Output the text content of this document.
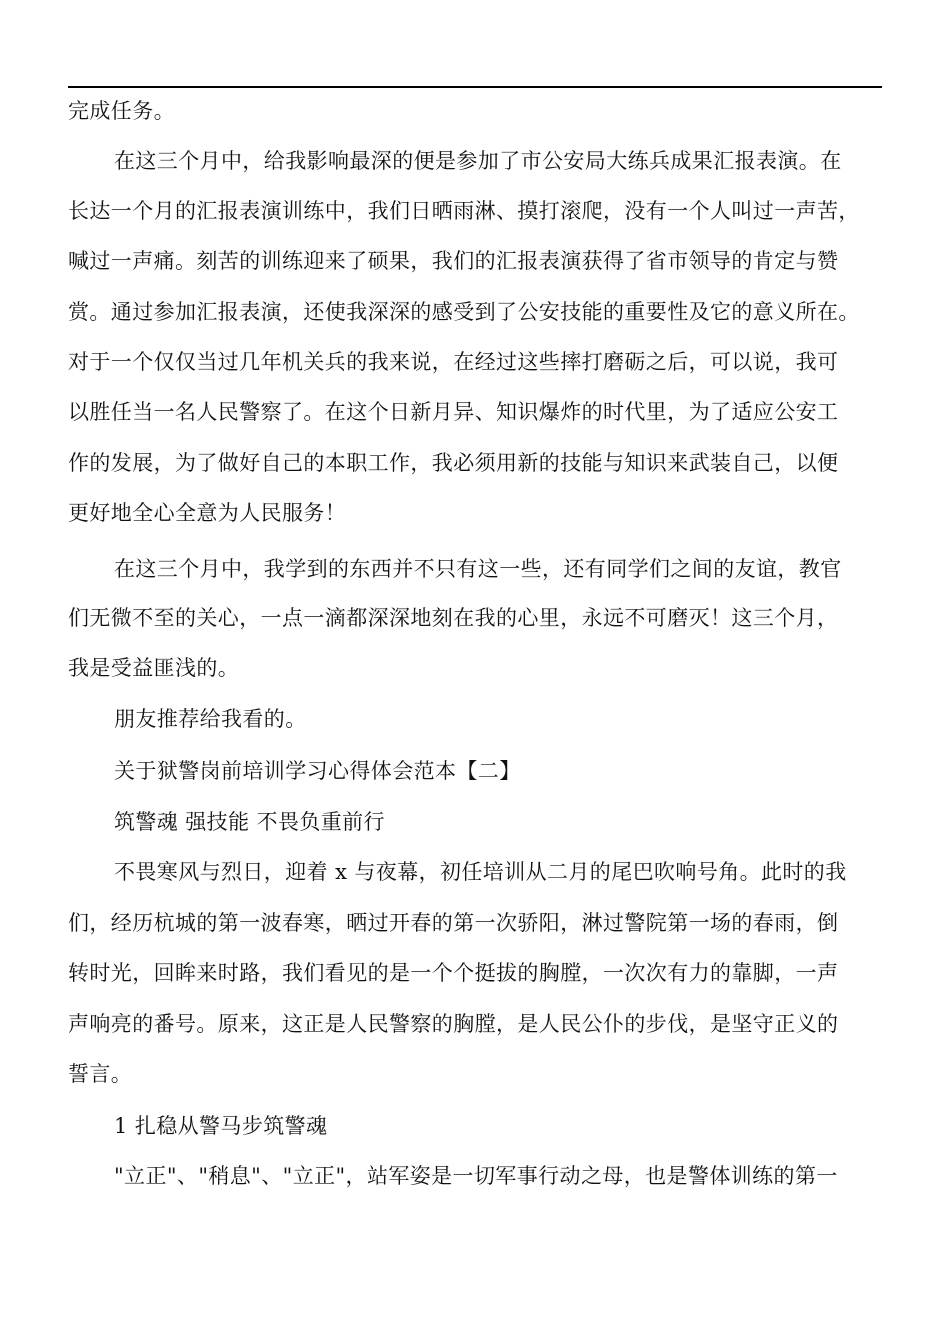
完成任务。
在这三个月中，给我影响最深的便是参加了市公安局大练兵成果汇报表演。在
长达一个月的汇报表演训练中，我们日晒雨淋、摸打滚爬，没有一个人叫过一声苦，
喊过一声痛。刻苦的训练迎来了硕果，我们的汇报表演获得了省市领导的肯定与赞
赏。通过参加汇报表演，还使我深深的感受到了公安技能的重要性及它的意义所在。
对于一个仅仅当过几年机关兵的我来说，在经过这些摔打磨砺之后，可以说，我可
以胜任当一名人民警察了。在这个日新月异、知识爆炸的时代里，为了适应公安工
作的发展，为了做好自己的本职工作，我必须用新的技能与知识来武装自己，以便
更好地全心全意为人民服务！
在这三个月中，我学到的东西并不只有这一些，还有同学们之间的友谊，教官
们无微不至的关心，一点一滴都深深地刻在我的心里，永远不可磨灭！这三个月，
我是受益匪浅的。
朋友推荐给我看的。
关于狱警岗前培训学习心得体会范本【二】
筑警魂 强技能 不畏负重前行
不畏寒风与烈日，迎着 x 与夜幕，初任培训从二月的尾巴吹响号角。此时的我
们，经历杭城的第一波春寒，晒过开春的第一次骄阳，淋过警院第一场的春雨，倒
转时光，回眸来时路，我们看见的是一个个挺拔的胸膛，一次次有力的靠脚，一声
声响亮的番号。原来，这正是人民警察的胸膛，是人民公仆的步伐，是坚守正义的
誓言。
1 扎稳从警马步筑警魂
"立正"、"稍息"、"立正"，站军姿是一切军事行动之母，也是警体训练的第一
